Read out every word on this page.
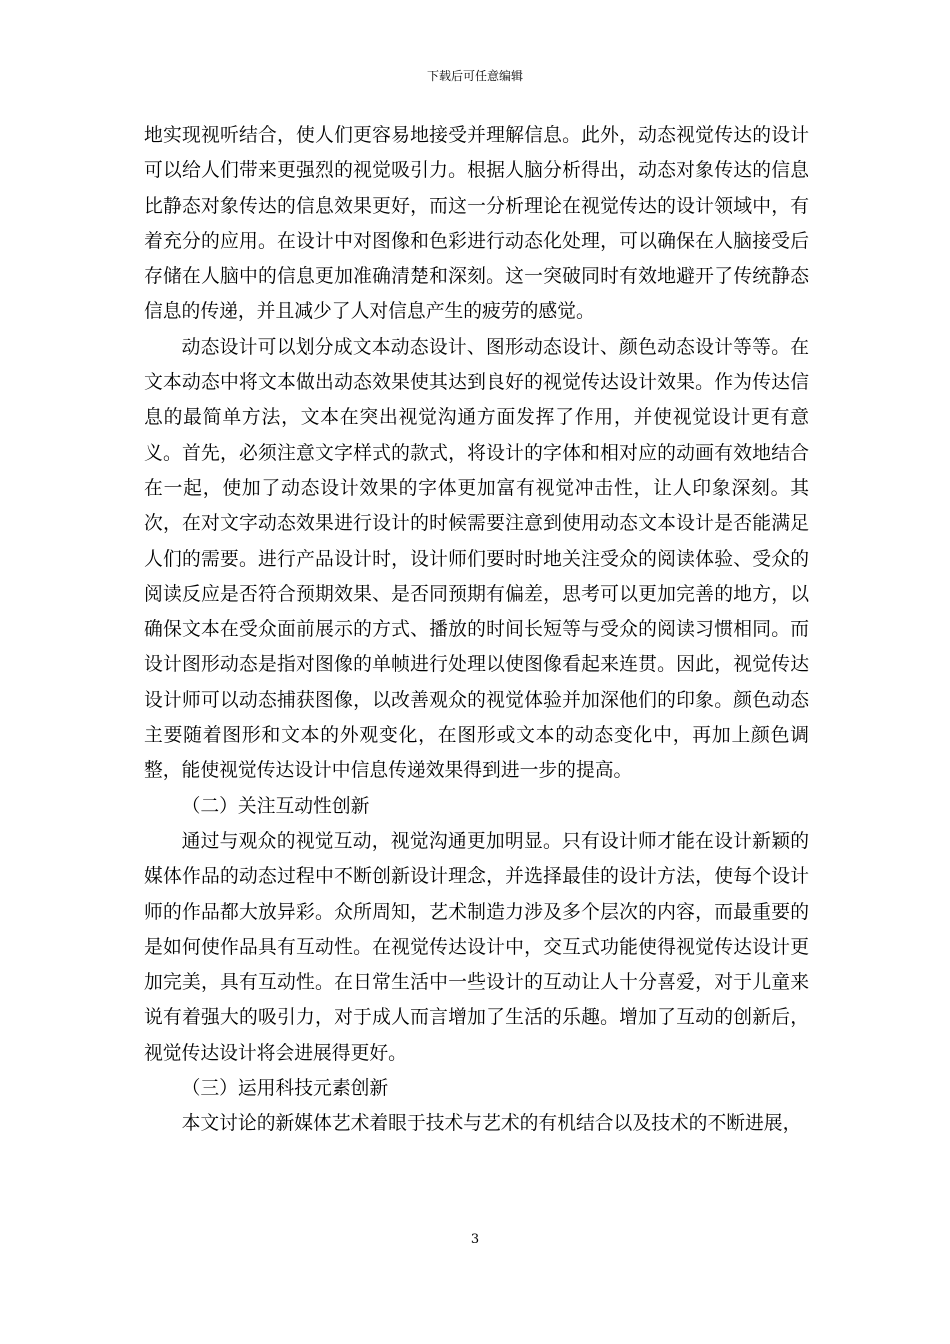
下载后可任意编辑

地实现视听结合，使人们更容易地接受并理解信息。此外，动态视觉传达的设计可以给人们带来更强烈的视觉吸引力。根据人脑分析得出，动态对象传达的信息比静态对象传达的信息效果更好，而这一分析理论在视觉传达的设计领域中，有着充分的应用。在设计中对图像和色彩进行动态化处理，可以确保在人脑接受后存储在人脑中的信息更加准确清楚和深刻。这一突破同时有效地避开了传统静态信息的传递，并且减少了人对信息产生的疲劳的感觉。

动态设计可以划分成文本动态设计、图形动态设计、颜色动态设计等等。在文本动态中将文本做出动态效果使其达到良好的视觉传达设计效果。作为传达信息的最简单方法，文本在突出视觉沟通方面发挥了作用，并使视觉设计更有意义。首先，必须注意文字样式的款式，将设计的字体和相对应的动画有效地结合在一起，使加了动态设计效果的字体更加富有视觉冲击性，让人印象深刻。其次，在对文字动态效果进行设计的时候需要注意到使用动态文本设计是否能满足人们的需要。进行产品设计时，设计师们要时时地关注受众的阅读体验、受众的阅读反应是否符合预期效果、是否同预期有偏差，思考可以更加完善的地方，以确保文本在受众面前展示的方式、播放的时间长短等与受众的阅读习惯相同。而设计图形动态是指对图像的单帧进行处理以使图像看起来连贯。因此，视觉传达设计师可以动态捕获图像，以改善观众的视觉体验并加深他们的印象。颜色动态主要随着图形和文本的外观变化，在图形或文本的动态变化中，再加上颜色调整，能使视觉传达设计中信息传递效果得到进一步的提高。

（二）关注互动性创新

通过与观众的视觉互动，视觉沟通更加明显。只有设计师才能在设计新颖的媒体作品的动态过程中不断创新设计理念，并选择最佳的设计方法，使每个设计师的作品都大放异彩。众所周知，艺术制造力涉及多个层次的内容，而最重要的是如何使作品具有互动性。在视觉传达设计中，交互式功能使得视觉传达设计更加完美，具有互动性。在日常生活中一些设计的互动让人十分喜爱，对于儿童来说有着强大的吸引力，对于成人而言增加了生活的乐趣。增加了互动的创新后，视觉传达设计将会进展得更好。

（三）运用科技元素创新

本文讨论的新媒体艺术着眼于技术与艺术的有机结合以及技术的不断进展，

3
